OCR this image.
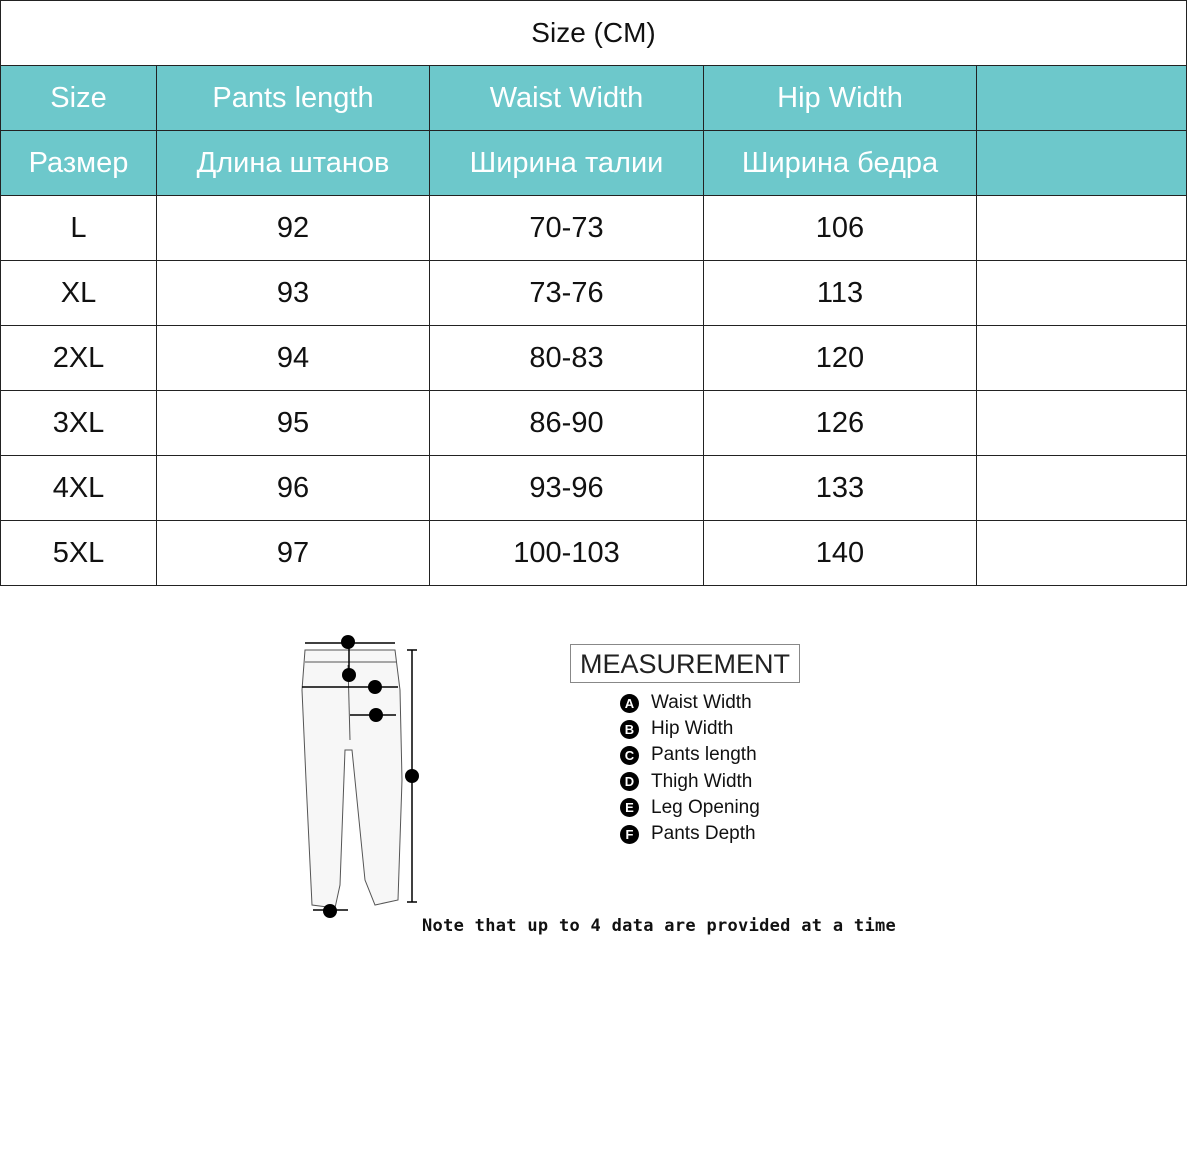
Size (CM)				
Size	Pants length	Waist Width	Hip Width	
Размер	Длина штанов	Ширина талии	Ширина бедра	
L	92	70-73	106	
XL	93	73-76	113	
2XL	94	80-83	120	
3XL	95	86-90	126	
4XL	96	93-96	133	
5XL	97	100-103	140	
MEASUREMENT
A Waist Width
B Hip Width
C Pants length
D Thigh Width
E Leg Opening
F Pants Depth
Note that up to 4 data are provided at a time
